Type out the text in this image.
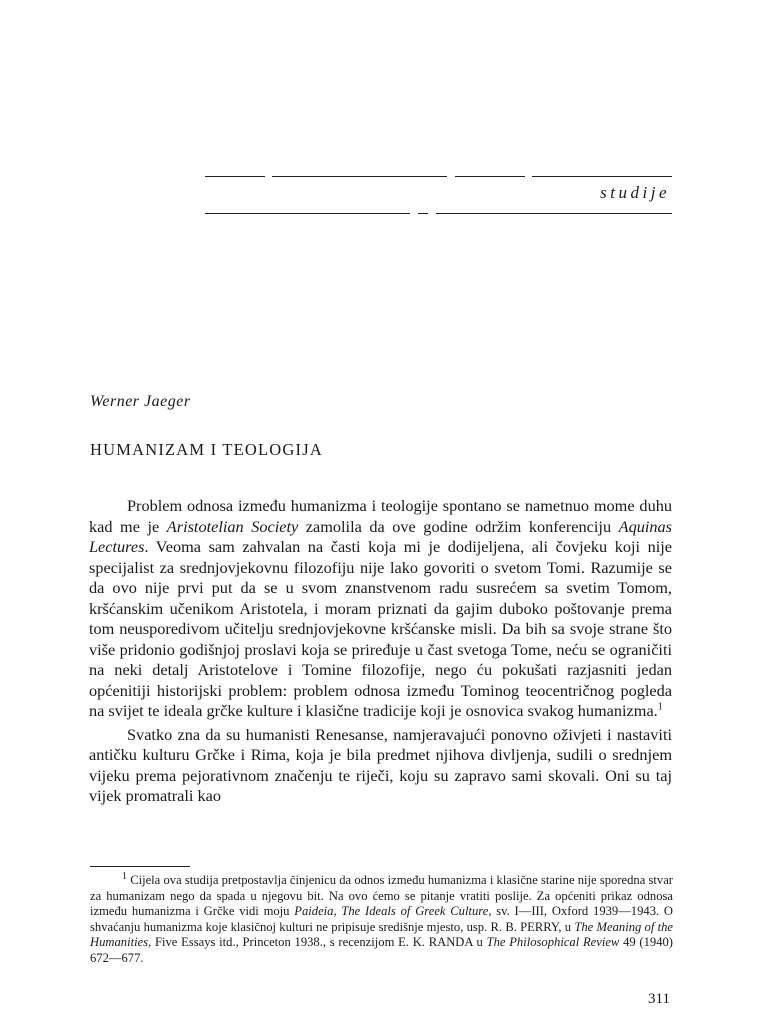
studije
Werner Jaeger
HUMANIZAM I TEOLOGIJA

Problem odnosa između humanizma i teologije spontano se nametnuo mome duhu kad me je Aristotelian Society zamolila da ove godine održim konferenciju Aquinas Lectures. Veoma sam zahvalan na časti koja mi je dodijeljena, ali čovjeku koji nije specijalist za srednjovjekovnu filozofiju nije lako govoriti o svetom Tomi. Razumije se da ovo nije prvi put da se u svom znanstvenom radu susrećem sa svetim Tomom, kršćanskim učenikom Aristotela, i moram priznati da gajim duboko poštovanje prema tom neusporedivom učitelju srednjovjekovne kršćanske misli. Da bih sa svoje strane što više pridonio godišnjoj proslavi koja se priređuje u čast svetoga Tome, neću se ograničiti na neki detalj Aristotelove i Tomine filozofije, nego ću pokušati razjasniti jedan općenitiji historijski problem: problem odnosa između Tominog teocentričnog pogleda na svijet te ideala grčke kulture i klasične tradicije koji je osnovica svakog humanizma.$^1$

Svatko zna da su humanisti Renesanse, namjeravajući ponovno oživjeti i nastaviti antičku kulturu Grčke i Rima, koja je bila predmet njihova divljenja, sudili o srednjem vijeku prema pejorativnom značenju te riječi, koju su zapravo sami skovali. Oni su taj vijek promatrali kao

$^1$ Cijela ova studija pretpostavlja činjenicu da odnos između humanizma i klasične starine nije sporedna stvar za humanizam nego da spada u njegovu bit. Na ovo ćemo se pitanje vratiti poslije. Za općeniti prikaz odnosa između humanizma i Grčke vidi moju Paideia, The Ideals of Greek Culture, sv. I—III, Oxford 1939—1943. O shvaćanju humanizma koje klasičnoj kulturi ne pripisuje središnje mjesto, usp. R. B. PERRY, u The Meaning of the Humanities, Five Essays itd., Princeton 1938., s recenzijom E. K. RANDA u The Philosophical Review 49 (1940) 672—677.

311
